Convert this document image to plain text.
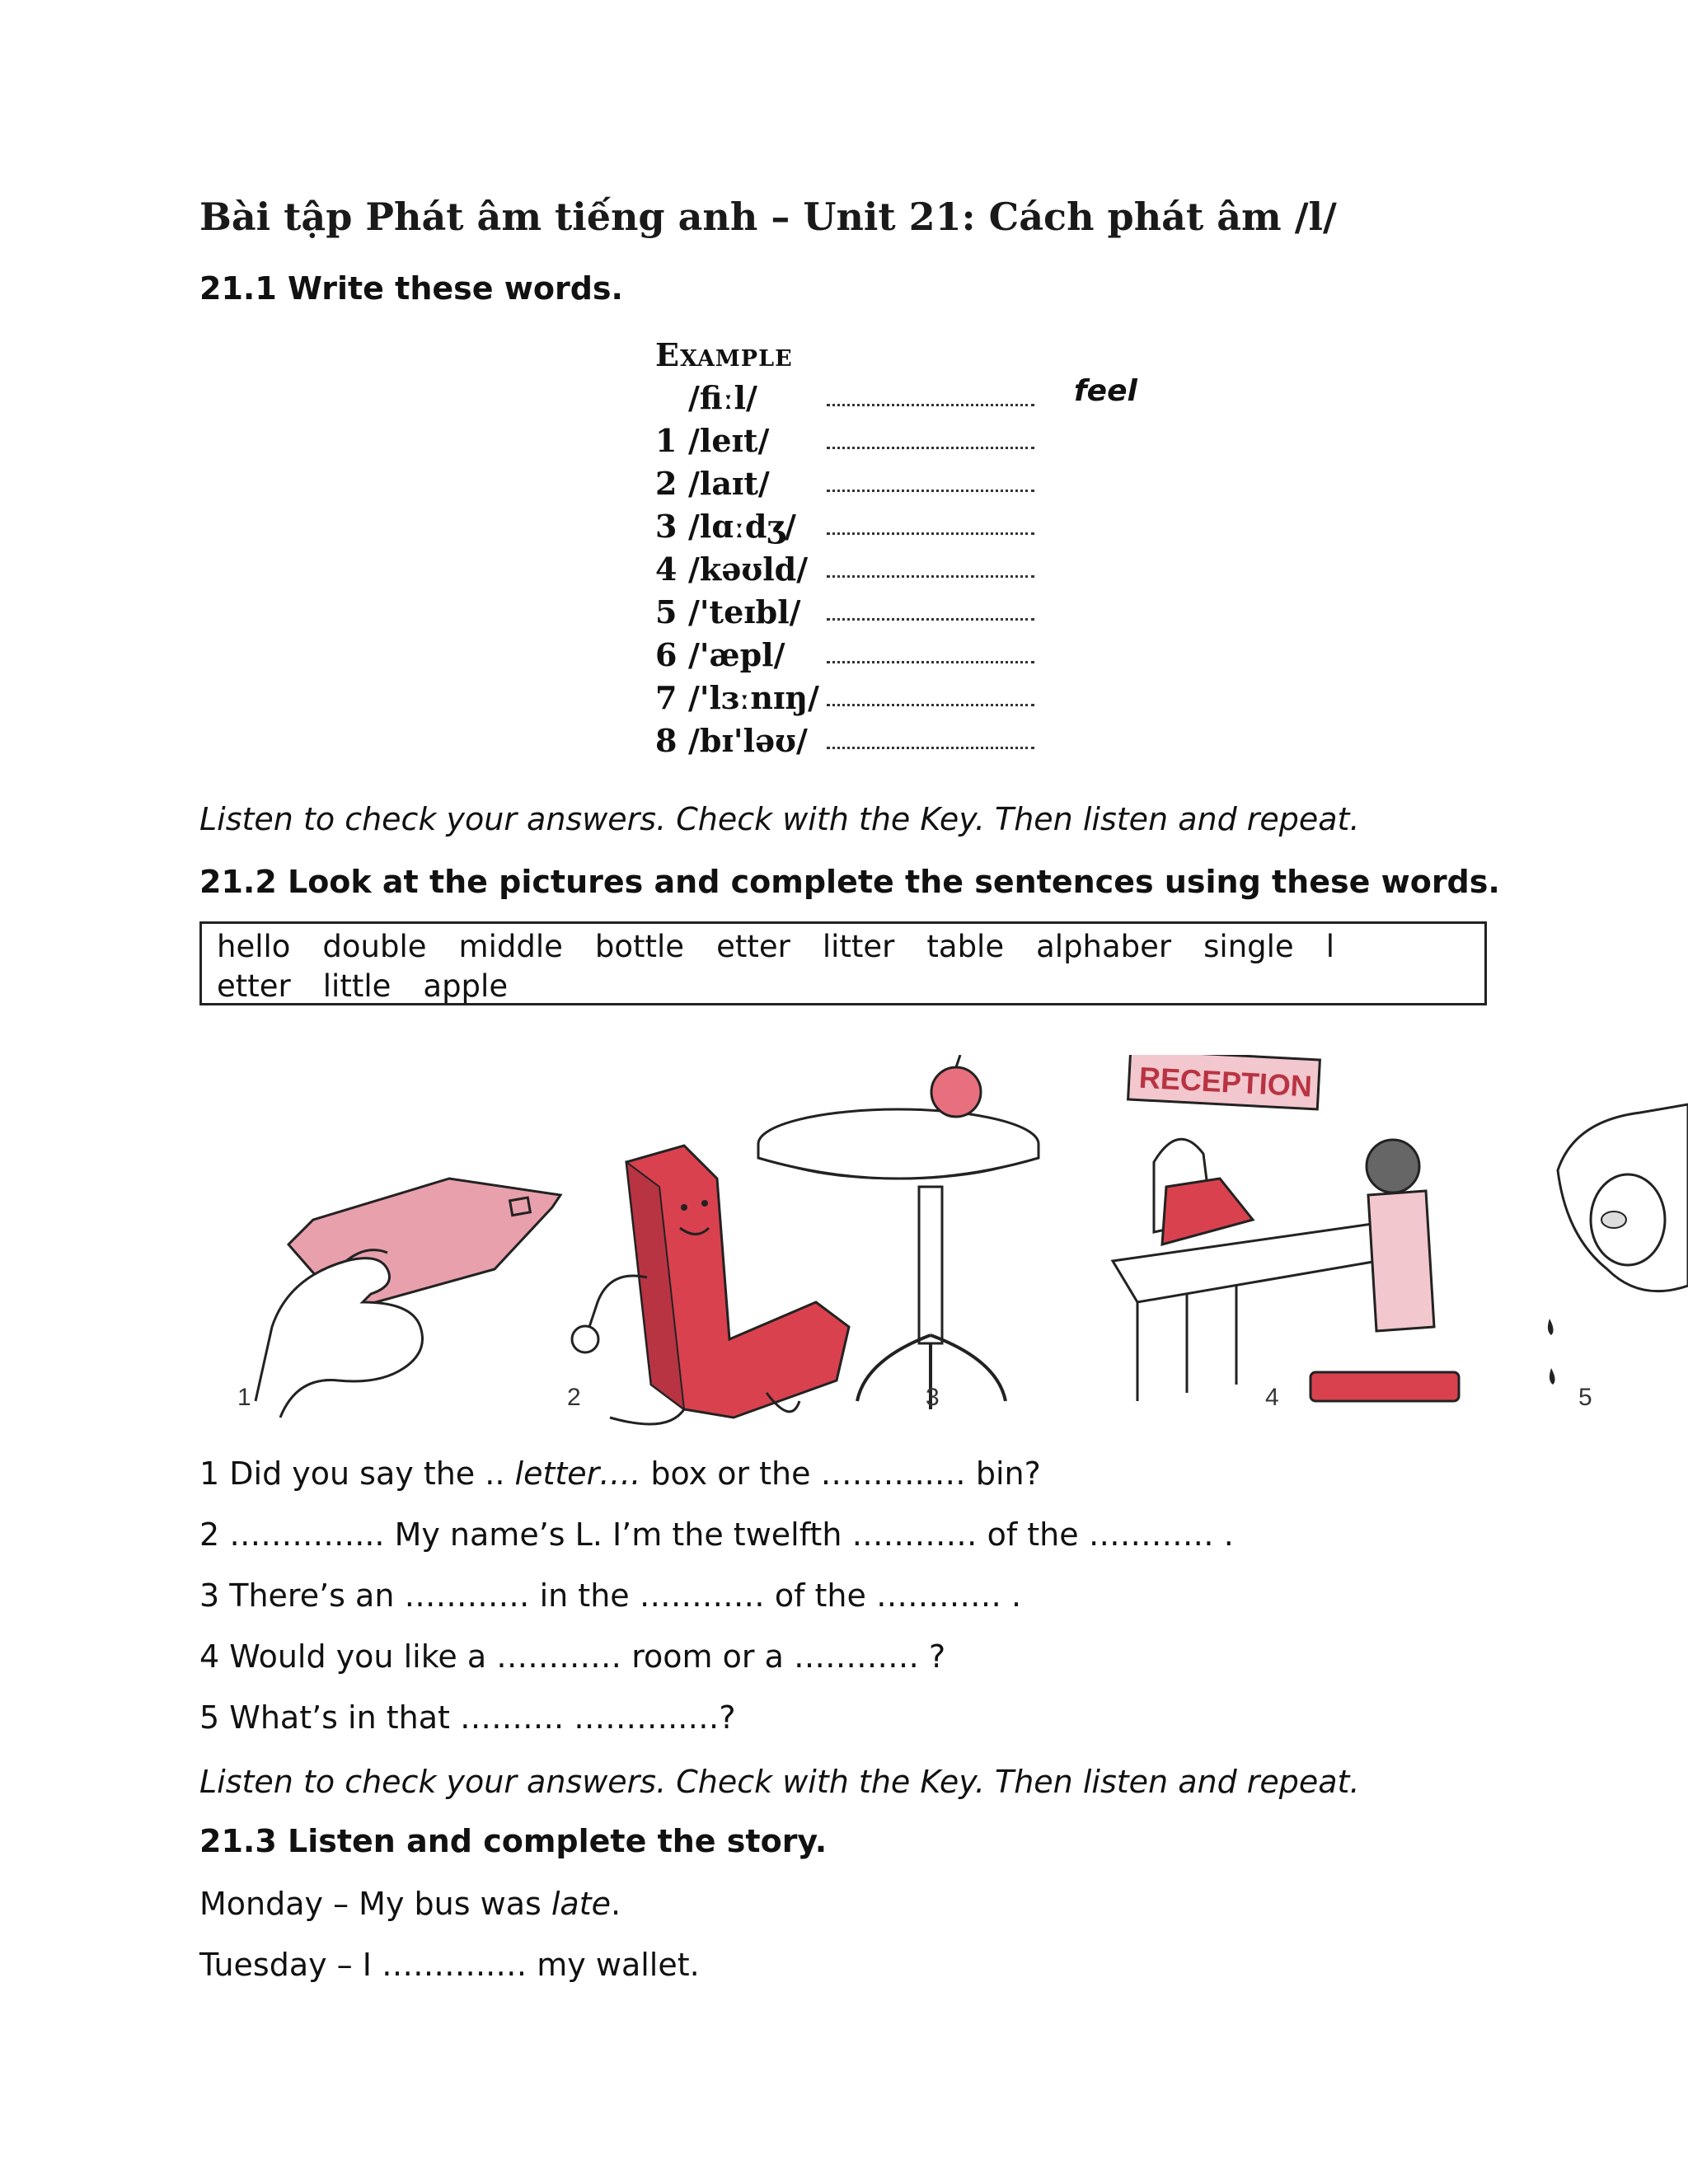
Bài tập Phát âm tiếng anh – Unit 21: Cách phát âm /l/
21.1 Write these words.
Example
/fiːl/	feel
1 /leɪt/
2 /laɪt/
3 /lɑːdʒ/
4 /kəʊld/
5 /'teɪbl/
6 /'æpl/
7 /'lɜːnɪŋ/
8 /bɪ'ləʊ/
Listen to check your answers. Check with the Key. Then listen and repeat.
21.2 Look at the pictures and complete the sentences using these words.
hello double middle bottle etter litter table alphaber single l
etter little apple
RECEPTION
1	2	3	4	5
1 Did you say the .. letter…. box or the ………..… bin?
2 …………... My name’s L. I’m the twelfth ………… of the ………… .
3 There’s an ………… in the ………… of the ………… .
4 Would you like a ………… room or a ………… ?
5 What’s in that ………. ………..…?
Listen to check your answers. Check with the Key. Then listen and repeat.
21.3 Listen and complete the story.
Monday – My bus was late.
Tuesday – I ………..… my wallet.
